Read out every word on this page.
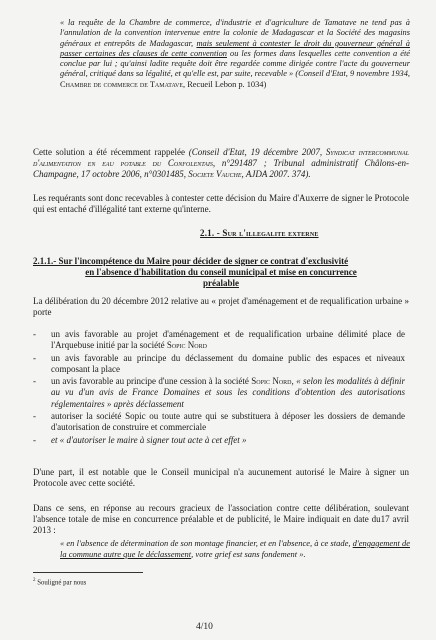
« la requête de la Chambre de commerce, d'industrie et d'agriculture de Tamatave ne tend pas à l'annulation de la convention intervenue entre la colonie de Madagascar et la Société des magasins généraux et entrepôts de Madagascar, mais seulement à contester le droit du gouverneur général à passer certaines des clauses de cette convention ou les formes dans lesquelles cette convention a été conclue par lui ; qu'ainsi ladite requête doit être regardée comme dirigée contre l'acte du gouverneur général, critiqué dans sa légalité, et qu'elle est, par suite, recevable » (Conseil d'Etat, 9 novembre 1934, Chambre de commerce de Tamatave, Recueil Lebon p. 1034)
Cette solution a été récemment rappelée (Conseil d'Etat, 19 décembre 2007, Syndicat intercommunal d'alimentation en eau potable du Confolentais, n°291487 ; Tribunal administratif Châlons-en-Champagne, 17 octobre 2006, n°0301485, Societe Vauche, AJDA 2007. 374).
Les requérants sont donc recevables à contester cette décision du Maire d'Auxerre de signer le Protocole qui est entaché d'illégalité tant externe qu'interne.
2.1. - Sur l'illegalite externe
2.1.1.- Sur l'incompétence du Maire pour décider de signer ce contrat d'exclusivité
en l'absence d'habilitation du conseil municipal et mise en concurrence
préalable
La délibération du 20 décembre 2012 relative au « projet d'aménagement et de requalification urbaine » porte
- un avis favorable au projet d'aménagement et de requalification urbaine délimité place de l'Arquebuse initié par la société Sopic Nord
- un avis favorable au principe du déclassement du domaine public des espaces et niveaux composant la place
- un avis favorable au principe d'une cession à la société Sopic Nord, « selon les modalités à définir au vu d'un avis de France Domaines et sous les conditions d'obtention des autorisations réglementaires » après déclassement
- autoriser la société Sopic ou toute autre qui se substituera à déposer les dossiers de demande d'autorisation de construire et commerciale
- et « d'autoriser le maire à signer tout acte à cet effet »
D'une part, il est notable que le Conseil municipal n'a aucunement autorisé le Maire à signer un Protocole avec cette société.
Dans ce sens, en réponse au recours gracieux de l'association contre cette délibération, soulevant l'absence totale de mise en concurrence préalable et de publicité, le Maire indiquait en date du17 avril 2013 :
« en l'absence de détermination de son montage financier, et en l'absence, à ce stade, d'engagement de la commune autre que le déclassement, votre grief est sans fondement ».
$^2$ Souligné par nous
4/10
